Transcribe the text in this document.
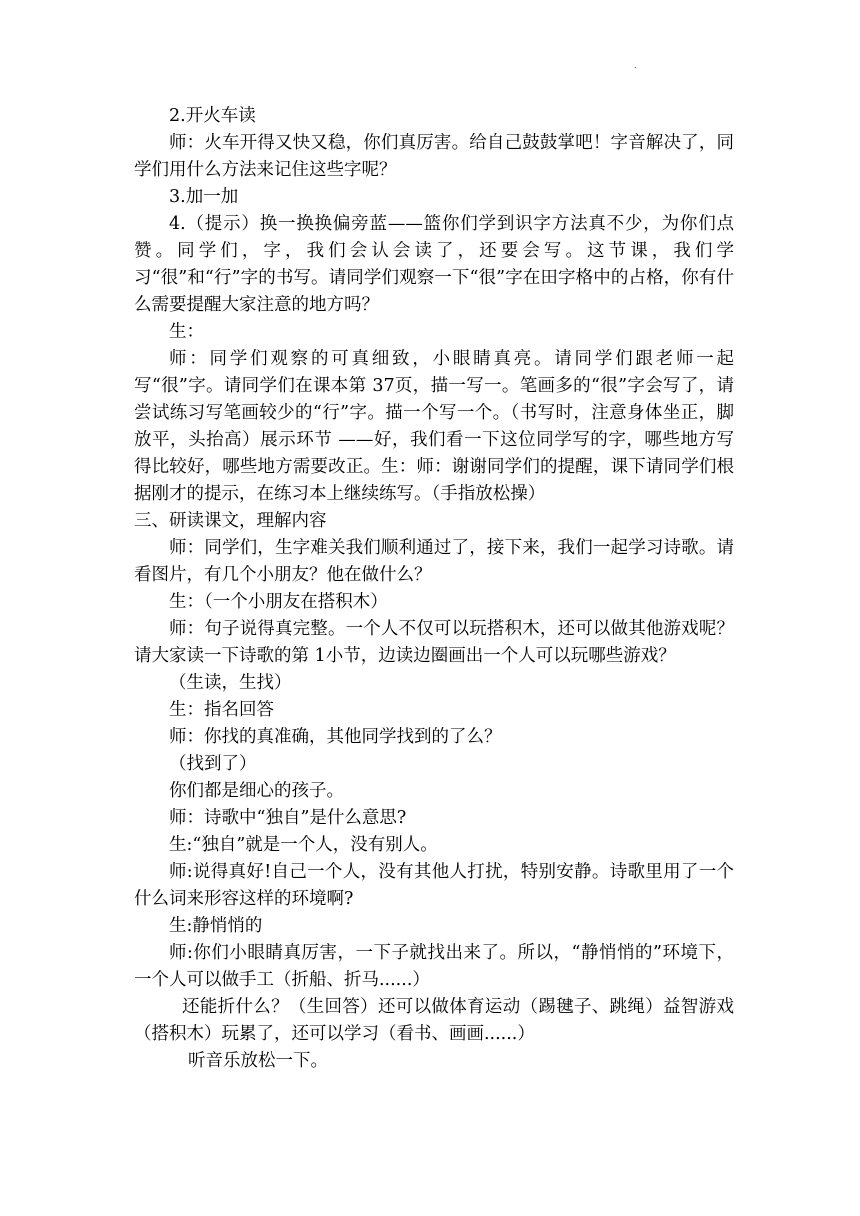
.

2.开火车读

师：火车开得又快又稳，你们真厉害。给自己鼓鼓掌吧！字音解决了，同学们用什么方法来记住这些字呢？

3.加一加

4.（提示）换一换换偏旁蓝——篮你们学到识字方法真不少，为你们点赞。同学们，字，我们会认会读了，还要会写。这节课，我们学习“很”和“行”字的书写。请同学们观察一下“很”字在田字格中的占格，你有什么需要提醒大家注意的地方吗？

生：

师：同学们观察的可真细致，小眼睛真亮。请同学们跟老师一起写“很”字。请同学们在课本第 37页，描一写一。笔画多的“很”字会写了，请尝试练习写笔画较少的“行”字。描一个写一个。（书写时，注意身体坐正，脚放平，头抬高）展示环节 ——好，我们看一下这位同学写的字，哪些地方写得比较好，哪些地方需要改正。生：师：谢谢同学们的提醒，课下请同学们根据刚才的提示，在练习本上继续练写。（手指放松操）

三、研读课文，理解内容

师：同学们，生字难关我们顺利通过了，接下来，我们一起学习诗歌。请看图片，有几个小朋友？他在做什么？

生：（一个小朋友在搭积木）

师：句子说得真完整。一个人不仅可以玩搭积木，还可以做其他游戏呢？请大家读一下诗歌的第 1小节，边读边圈画出一个人可以玩哪些游戏？

（生读，生找）

生：指名回答

师：你找的真准确，其他同学找到的了么？

（找到了）

你们都是细心的孩子。

师：诗歌中“独自”是什么意思?

生:“独自”就是一个人，没有别人。

师:说得真好!自己一个人，没有其他人打扰，特别安静。诗歌里用了一个什么词来形容这样的环境啊?

生:静悄悄的

师:你们小眼睛真厉害，一下子就找出来了。所以，“静悄悄的”环境下，一个人可以做手工（折船、折马......）

还能折什么？（生回答）还可以做体育运动（踢毽子、跳绳）益智游戏（搭积木）玩累了，还可以学习（看书、画画......）

听音乐放松一下。
